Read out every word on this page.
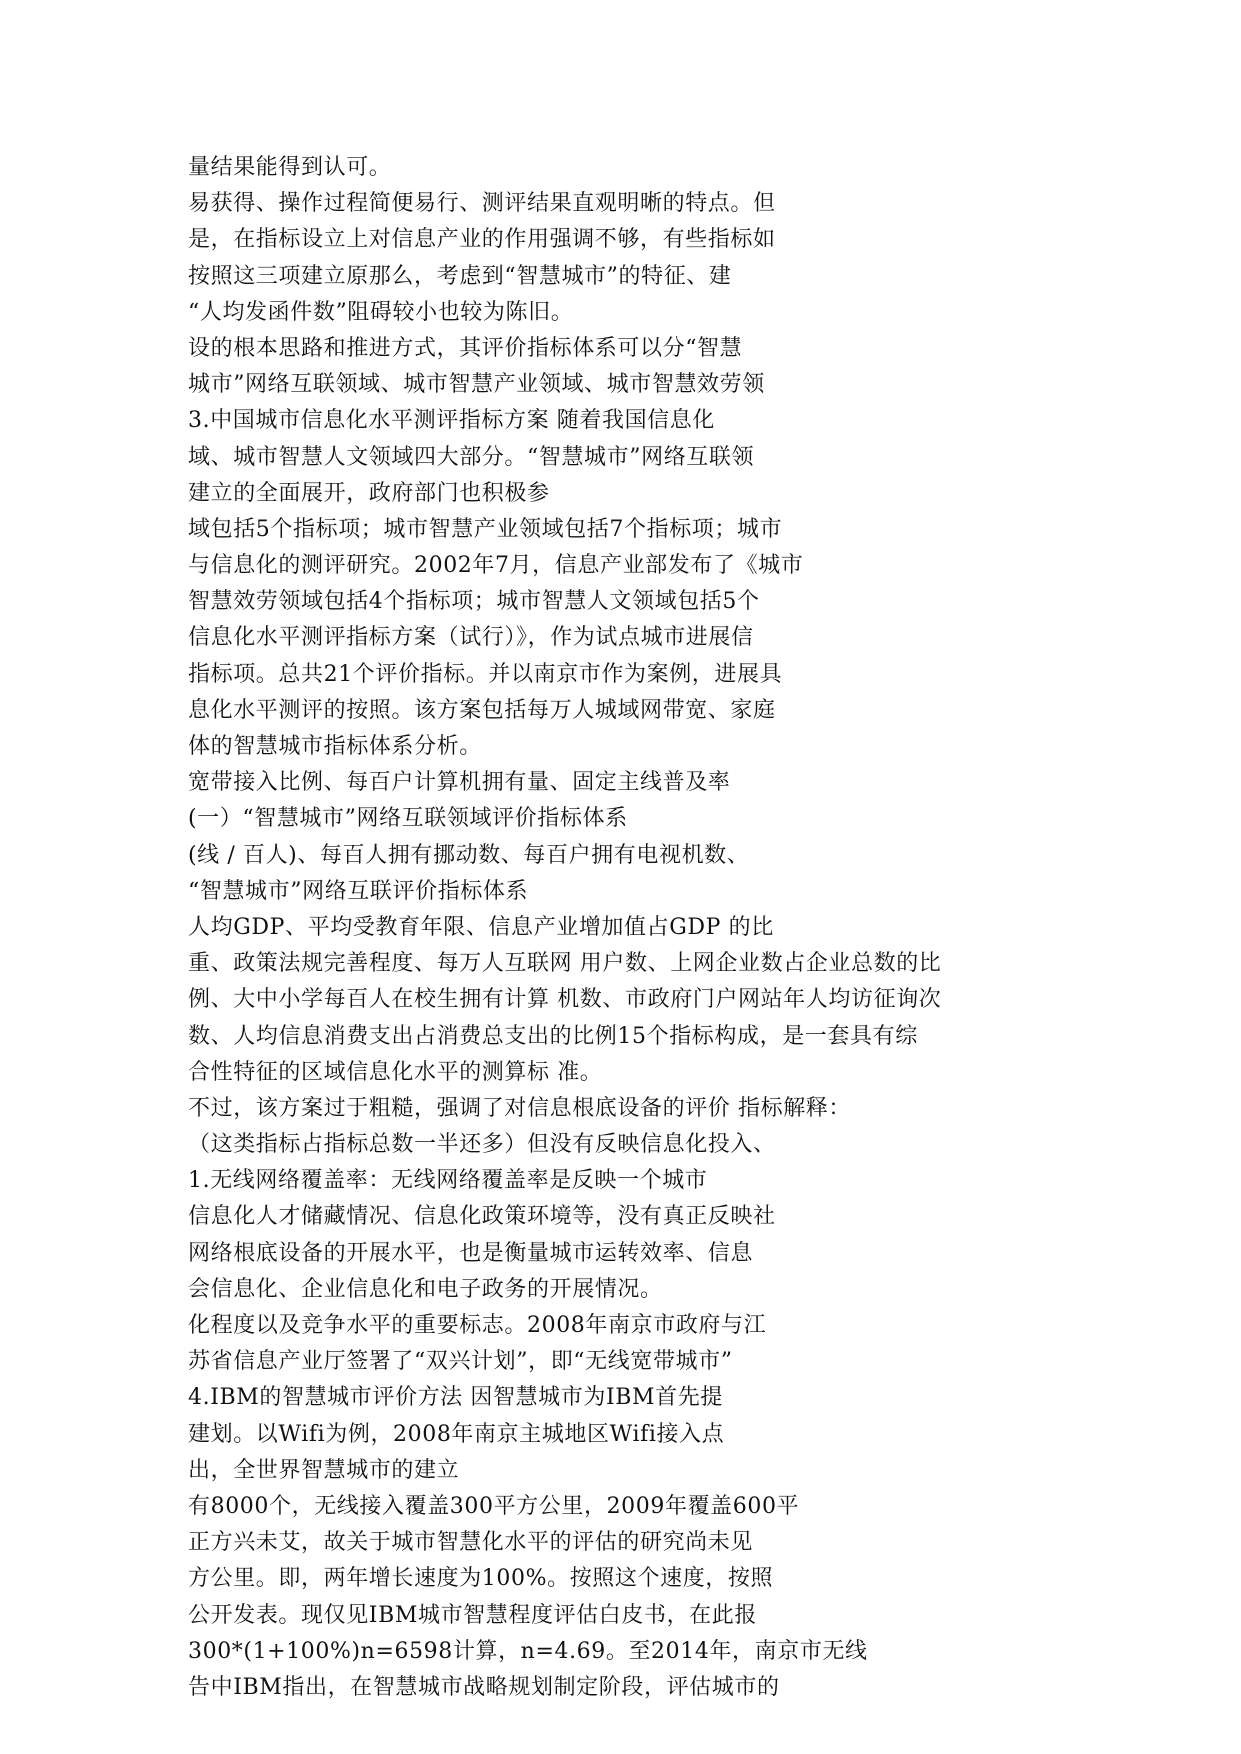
量结果能得到认可。

易获得、操作过程简便易行、测评结果直观明晰的特点。但

是，在指标设立上对信息产业的作用强调不够，有些指标如

按照这三项建立原那么，考虑到“智慧城市”的特征、建

“人均发函件数”阻碍较小也较为陈旧。

设的根本思路和推进方式，其评价指标体系可以分“智慧

城市”网络互联领域、城市智慧产业领域、城市智慧效劳领

3.中国城市信息化水平测评指标方案 随着我国信息化

域、城市智慧人文领域四大部分。“智慧城市”网络互联领

建立的全面展开，政府部门也积极参

域包括5个指标项；城市智慧产业领域包括7个指标项；城市

与信息化的测评研究。2002年7月，信息产业部发布了《城市

智慧效劳领域包括4个指标项；城市智慧人文领域包括5个

信息化水平测评指标方案（试行）》，作为试点城市进展信

指标项。总共21个评价指标。并以南京市作为案例，进展具

息化水平测评的按照。该方案包括每万人城域网带宽、家庭

体的智慧城市指标体系分析。

宽带接入比例、每百户计算机拥有量、固定主线普及率

(一）“智慧城市”网络互联领域评价指标体系

(线 / 百人)、每百人拥有挪动数、每百户拥有电视机数、

“智慧城市”网络互联评价指标体系

人均GDP、平均受教育年限、信息产业增加值占GDP 的比

重、政策法规完善程度、每万人互联网 用户数、上网企业数占企业总数的比

例、大中小学每百人在校生拥有计算 机数、市政府门户网站年人均访征询次

数、人均信息消费支出占消费总支出的比例15个指标构成，是一套具有综

合性特征的区域信息化水平的测算标 准。

不过，该方案过于粗糙，强调了对信息根底设备的评价 指标解释：

（这类指标占指标总数一半还多）但没有反映信息化投入、

1.无线网络覆盖率：无线网络覆盖率是反映一个城市

信息化人才储藏情况、信息化政策环境等，没有真正反映社

网络根底设备的开展水平，也是衡量城市运转效率、信息

会信息化、企业信息化和电子政务的开展情况。

化程度以及竞争水平的重要标志。2008年南京市政府与江

苏省信息产业厅签署了“双兴计划”，即“无线宽带城市”

4.IBM的智慧城市评价方法 因智慧城市为IBM首先提

建划。以Wifi为例，2008年南京主城地区Wifi接入点

出，全世界智慧城市的建立

有8000个，无线接入覆盖300平方公里，2009年覆盖600平

正方兴未艾，故关于城市智慧化水平的评估的研究尚未见

方公里。即，两年增长速度为100%。按照这个速度，按照

公开发表。现仅见IBM城市智慧程度评估白皮书，在此报

300*(1+100%)n=6598计算，n=4.69。至2014年，南京市无线

告中IBM指出，在智慧城市战略规划制定阶段，评估城市的
